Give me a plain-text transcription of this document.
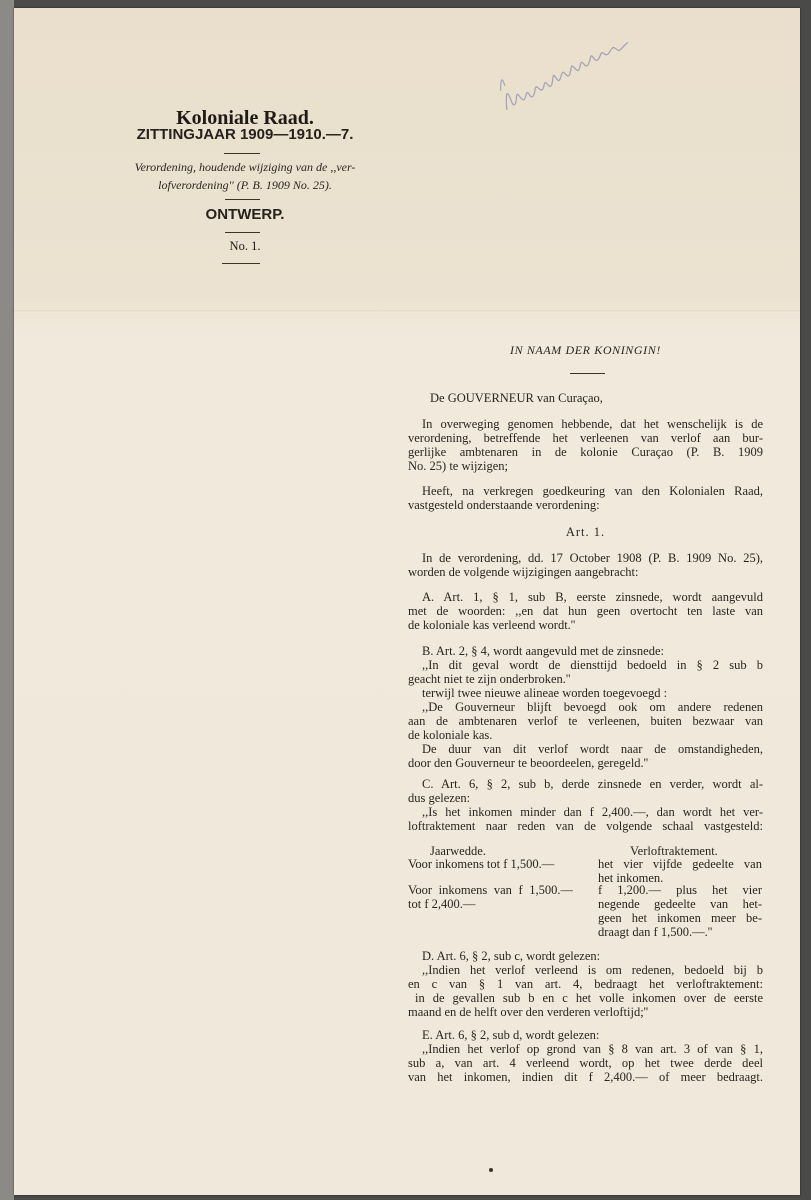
Koloniale Raad.
ZITTINGJAAR 1909—1910.—7.
Verordening, houdende wijziging van de ,,ver-
lofverordening'' (P. B. 1909 No. 25).
ONTWERP.
No. 1.
IN NAAM DER KONINGIN!
De GOUVERNEUR van Curaçao,
In overweging genomen hebbende, dat het wenschelijk is de
verordening, betreffende het verleenen van verlof aan bur-
gerlijke ambtenaren in de kolonie Curaçao (P. B. 1909
No. 25) te wijzigen;
Heeft, na verkregen goedkeuring van den Kolonialen Raad,
vastgesteld onderstaande verordening:
Art. 1.
In de verordening, dd. 17 October 1908 (P. B. 1909 No. 25),
worden de volgende wijzigingen aangebracht:
A. Art. 1, § 1, sub B, eerste zinsnede, wordt aangevuld
met de woorden: ,,en dat hun geen overtocht ten laste van
de koloniale kas verleend wordt.''
B. Art. 2, § 4, wordt aangevuld met de zinsnede:
,,In dit geval wordt de diensttijd bedoeld in § 2 sub b
geacht niet te zijn onderbroken.''
terwijl twee nieuwe alineae worden toegevoegd :
,,De Gouverneur blijft bevoegd ook om andere redenen
aan de ambtenaren verlof te verleenen, buiten bezwaar van
de koloniale kas.
De duur van dit verlof wordt naar de omstandigheden,
door den Gouverneur te beoordeelen, geregeld.''
C. Art. 6, § 2, sub b, derde zinsnede en verder, wordt al-
dus gelezen:
,,Is het inkomen minder dan f 2,400.—, dan wordt het ver-
loftraktement naar reden van de volgende schaal vastgesteld:
Jaarwedde.	Verloftraktement.
Voor inkomens tot f 1,500.—	het vier vijfde gedeelte van
het inkomen.
Voor inkomens van f 1,500.—
tot f 2,400.—
f 1,200.— plus het vier
negende gedeelte van het-
geen het inkomen meer be-
draagt dan f 1,500.—.''
D. Art. 6, § 2, sub c, wordt gelezen:
,,Indien het verlof verleend is om redenen, bedoeld bij b
en c van § 1 van art. 4, bedraagt het verloftraktement:
in de gevallen sub b en c het volle inkomen over de eerste
maand en de helft over den verderen verloftijd;''
E. Art. 6, § 2, sub d, wordt gelezen:
,,Indien het verlof op grond van § 8 van art. 3 of van § 1,
sub a, van art. 4 verleend wordt, op het twee derde deel
van het inkomen, indien dit f 2,400.— of meer bedraagt.
